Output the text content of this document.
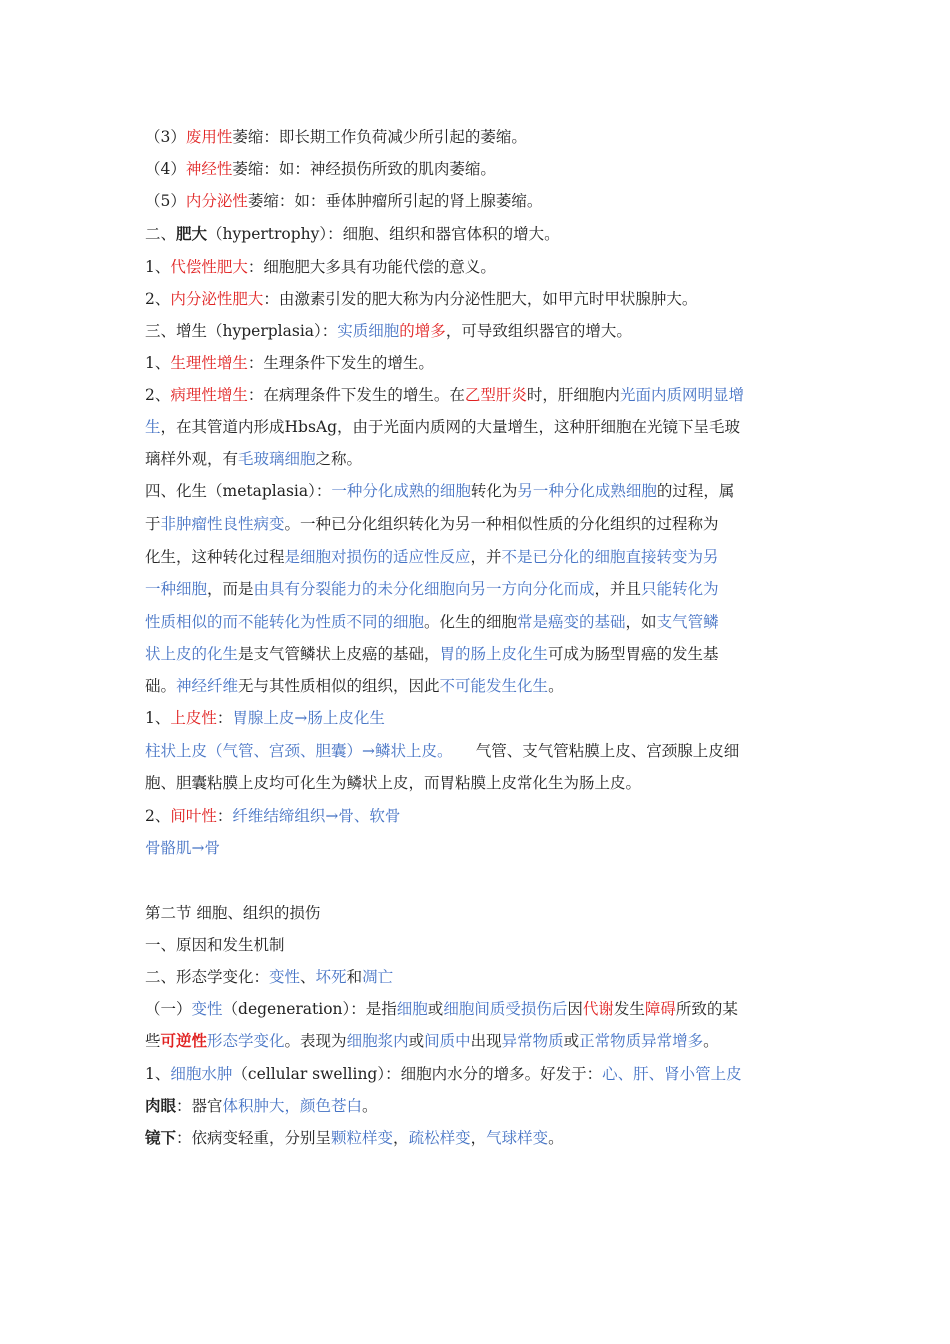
（3）废用性萎缩：即长期工作负荷减少所引起的萎缩。
（4）神经性萎缩：如：神经损伤所致的肌肉萎缩。
（5）内分泌性萎缩：如：垂体肿瘤所引起的肾上腺萎缩。
二、肥大（hypertrophy）：细胞、组织和器官体积的增大。
1、代偿性肥大：细胞肥大多具有功能代偿的意义。
2、内分泌性肥大：由激素引发的肥大称为内分泌性肥大，如甲亢时甲状腺肿大。
三、增生（hyperplasia）：实质细胞的增多，可导致组织器官的增大。
1、生理性增生：生理条件下发生的增生。
2、病理性增生：在病理条件下发生的增生。在乙型肝炎时，肝细胞内光面内质网明显增
生，在其管道内形成HbsAg，由于光面内质网的大量增生，这种肝细胞在光镜下呈毛玻
璃样外观，有毛玻璃细胞之称。
四、化生（metaplasia）：一种分化成熟的细胞转化为另一种分化成熟细胞的过程，属
于非肿瘤性良性病变。一种已分化组织转化为另一种相似性质的分化组织的过程称为
化生，这种转化过程是细胞对损伤的适应性反应，并不是已分化的细胞直接转变为另
一种细胞，而是由具有分裂能力的未分化细胞向另一方向分化而成，并且只能转化为
性质相似的而不能转化为性质不同的细胞。化生的细胞常是癌变的基础，如支气管鳞
状上皮的化生是支气管鳞状上皮癌的基础，胃的肠上皮化生可成为肠型胃癌的发生基
础。神经纤维无与其性质相似的组织，因此不可能发生化生。
1、上皮性：胃腺上皮→肠上皮化生
柱状上皮（气管、宫颈、胆囊）→鳞状上皮。　　气管、支气管粘膜上皮、宫颈腺上皮细
胞、胆囊粘膜上皮均可化生为鳞状上皮，而胃粘膜上皮常化生为肠上皮。
2、间叶性：纤维结缔组织→骨、软骨
骨骼肌→骨
第二节 细胞、组织的损伤
一、原因和发生机制
二、形态学变化：变性、坏死和凋亡
（一）变性（degeneration）：是指细胞或细胞间质受损伤后因代谢发生障碍所致的某
些可逆性形态学变化。表现为细胞浆内或间质中出现异常物质或正常物质异常增多。
1、细胞水肿（cellular swelling）：细胞内水分的增多。好发于：心、肝、肾小管上皮
肉眼：器官体积肿大，颜色苍白。
镜下：依病变轻重，分别呈颗粒样变，疏松样变，气球样变。
